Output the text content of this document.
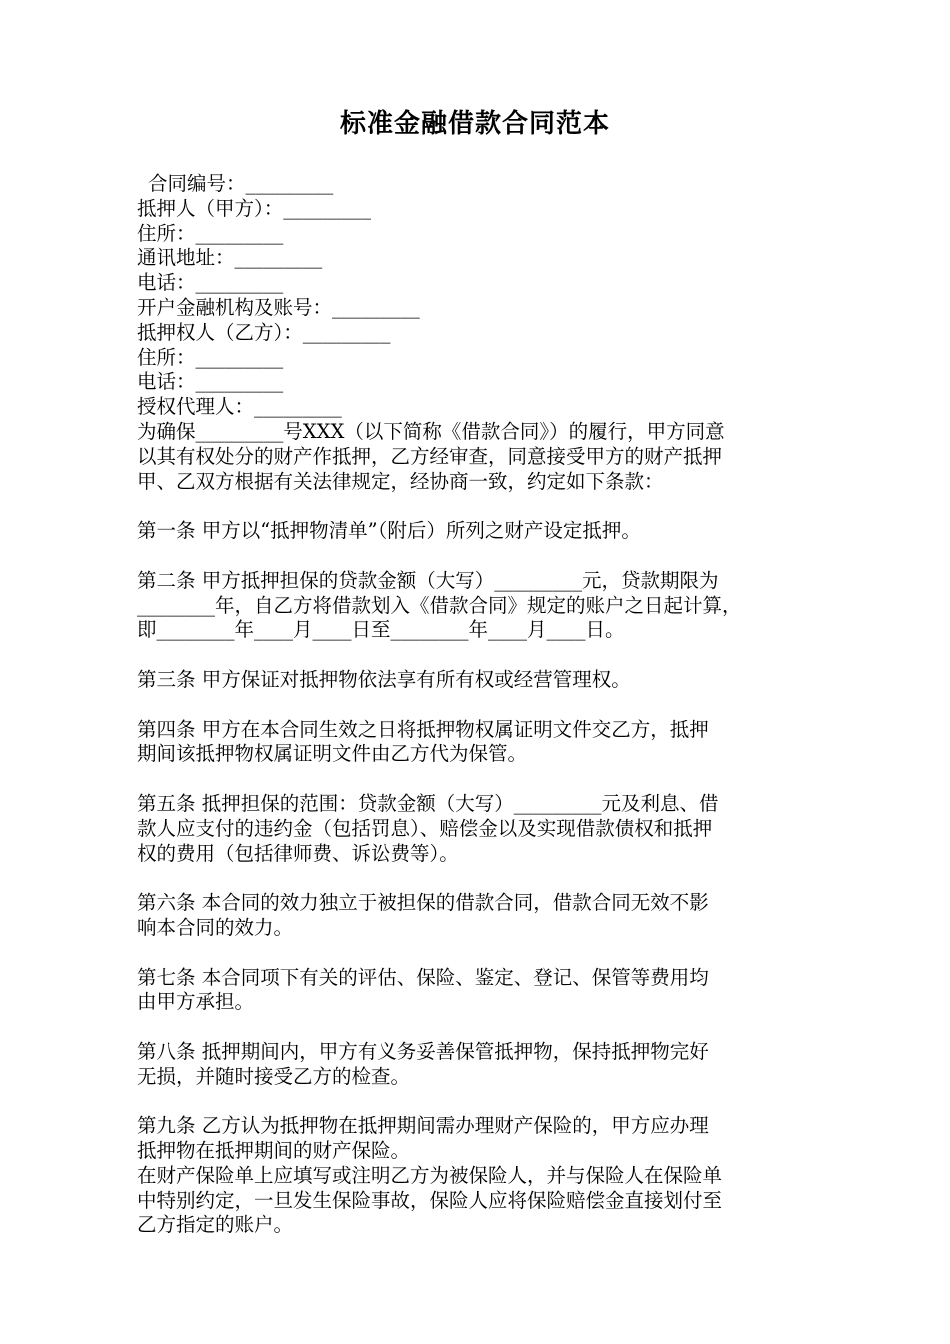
标准金融借款合同范本
合同编号：_________
抵押人（甲方）：_________
住所：_________
通讯地址：_________
电话：_________
开户金融机构及账号：_________
抵押权人（乙方）：_________
住所：_________
电话：_________
授权代理人：_________

为确保_________号XXX（以下简称《借款合同》）的履行，甲方同意
以其有权处分的财产作抵押，乙方经审查，同意接受甲方的财产抵押
甲、乙双方根据有关法律规定，经协商一致，约定如下条款：

第一条 甲方以“抵押物清单”（附后）所列之财产设定抵押。

第二条 甲方抵押担保的贷款金额（大写）_________元，贷款期限为
________年，自乙方将借款划入《借款合同》规定的账户之日起计算，
即________年____月____日至________年____月____日。

第三条 甲方保证对抵押物依法享有所有权或经营管理权。

第四条 甲方在本合同生效之日将抵押物权属证明文件交乙方，抵押
期间该抵押物权属证明文件由乙方代为保管。

第五条 抵押担保的范围：贷款金额（大写）_________元及利息、借
款人应支付的违约金（包括罚息）、赔偿金以及实现借款债权和抵押
权的费用（包括律师费、诉讼费等）。

第六条 本合同的效力独立于被担保的借款合同，借款合同无效不影
响本合同的效力。

第七条 本合同项下有关的评估、保险、鉴定、登记、保管等费用均
由甲方承担。

第八条 抵押期间内，甲方有义务妥善保管抵押物，保持抵押物完好
无损，并随时接受乙方的检查。

第九条 乙方认为抵押物在抵押期间需办理财产保险的，甲方应办理
抵押物在抵押期间的财产保险。
在财产保险单上应填写或注明乙方为被保险人，并与保险人在保险单
中特别约定，一旦发生保险事故，保险人应将保险赔偿金直接划付至
乙方指定的账户。
